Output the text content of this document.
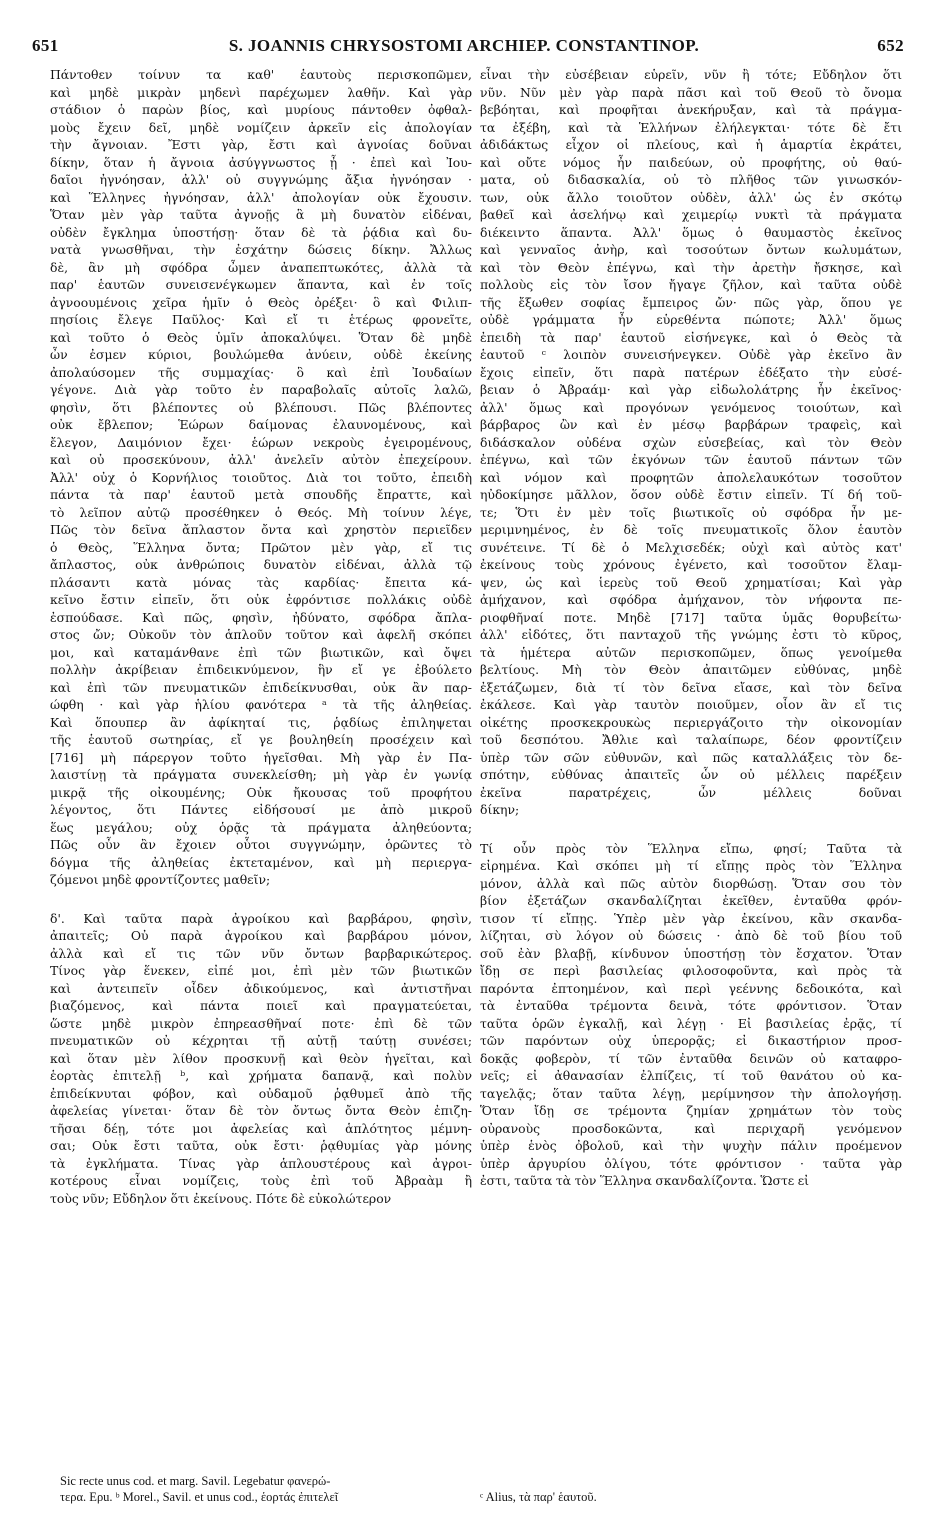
651	S. JOANNIS CHRYSOSTOMI ARCHIEP. CONSTANTINOP.	652
Πάντοθεν τοίνυν τα καθ' ἑαυτοὺς περισκοπῶμεν,
καὶ μηδὲ μικρὰν μηδενὶ παρέχωμεν λαθῆν. Καὶ γὰρ
στάδιον ὁ παρὼν βίος, καὶ μυρίους πάντοθεν ὀφθαλ-
μοὺς ἔχειν δεῖ, μηδὲ νομίζειν ἀρκεῖν εἰς ἀπολογίαν
τὴν ἄγνοιαν. Ἔστι γὰρ, ἔστι καὶ ἀγνοίας δοῦναι
δίκην, ὅταν ἡ ἄγνοια ἀσύγγνωστος ᾖ · ἐπεὶ καὶ Ἰου-
δαῖοι ἠγνόησαν, ἀλλ' οὐ συγγνώμης ἄξια ἠγνόησαν ·
καὶ Ἕλληνες ἠγνόησαν, ἀλλ' ἀπολογίαν οὐκ ἔχουσιν.
Ὅταν μὲν γὰρ ταῦτα ἀγνοῇς ἃ μὴ δυνατὸν εἰδέναι,
οὐδὲν ἔγκλημα ὑποστήσῃ· ὅταν δὲ τὰ ῥᾴδια καὶ δυ-
νατὰ γνωσθῆναι, τὴν ἐσχάτην δώσεις δίκην. Ἄλλως
δὲ, ἂν μὴ σφόδρα ὦμεν ἀναπεπτωκότες, ἀλλὰ τὰ
παρ' ἑαυτῶν συνεισενέγκωμεν ἅπαντα, καὶ ἐν τοῖς
ἀγνοουμένοις χεῖρα ἡμῖν ὁ Θεὸς ὀρέξει· ὃ καὶ Φιλιπ-
πησίοις ἔλεγε Παῦλος· Καὶ εἴ τι ἑτέρως φρονεῖτε,
καὶ τοῦτο ὁ Θεὸς ὑμῖν ἀποκαλύψει. Ὅταν δὲ μηδὲ
ὦν ἐσμεν κύριοι, βουλώμεθα ἀνύειν, οὐδὲ ἐκείνης
ἀπολαύσομεν τῆς συμμαχίας· ὃ καὶ ἐπὶ Ἰουδαίων
γέγονε. Διὰ γὰρ τοῦτο ἐν παραβολαῖς αὐτοῖς λαλῶ,
φησὶν, ὅτι βλέποντες οὐ βλέπουσι. Πῶς βλέποντες
οὐκ ἔβλεπον; Ἑώρων δαίμονας ἐλαυνομένους, καὶ
ἔλεγον, Δαιμόνιον ἔχει· ἑώρων νεκροὺς ἐγειρομένους,
καὶ οὐ προσεκύνουν, ἀλλ' ἀνελεῖν αὐτὸν ἐπεχείρουν.
Ἀλλ' οὐχ ὁ Κορνήλιος τοιοῦτος. Διὰ τοι τοῦτο, ἐπειδὴ
πάντα τὰ παρ' ἑαυτοῦ μετὰ σπουδῆς ἔπραττε, καὶ
τὸ λεῖπον αὐτῷ προσέθηκεν ὁ Θεός. Μὴ τοίνυν λέγε,
Πῶς τὸν δεῖνα ἄπλαστον ὄντα καὶ χρηστὸν περιεῖδεν
ὁ Θεὸς, Ἕλληνα ὄντα; Πρῶτον μὲν γὰρ, εἴ τις
ἄπλαστος, οὐκ ἀνθρώποις δυνατὸν εἰδέναι, ἀλλὰ τῷ
πλάσαντι κατὰ μόνας τὰς καρδίας· ἔπειτα κά-
κεῖνο ἔστιν εἰπεῖν, ὅτι οὐκ ἐφρόντισε πολλάκις οὐδὲ
ἐσπούδασε. Καὶ πῶς, φησὶν, ἠδύνατο, σφόδρα ἄπλα-
στος ὤν; Οὐκοῦν τὸν ἁπλοῦν τοῦτον καὶ ἀφελῆ σκόπει
μοι, καὶ καταμάνθανε ἐπὶ τῶν βιωτικῶν, καὶ ὄψει
πολλὴν ἀκρίβειαν ἐπιδεικνύμενον, ἣν εἴ γε ἐβούλετο
καὶ ἐπὶ τῶν πνευματικῶν ἐπιδείκνυσθαι, οὐκ ἂν παρ-
ώφθη · καὶ γὰρ ἡλίου φανότερα ᵃ τὰ τῆς ἀληθείας.
Καὶ ὅπουπερ ἂν ἀφίκηταί τις, ῥᾳδίως ἐπιληψεται
τῆς ἑαυτοῦ σωτηρίας, εἴ γε βουληθείη προσέχειν καὶ
[716] μὴ πάρεργον τοῦτο ἡγεῖσθαι. Μὴ γὰρ ἐν Πα-
λαιστίνῃ τὰ πράγματα συνεκλείσθη; μὴ γὰρ ἐν γωνίᾳ
μικρᾷ τῆς οἰκουμένης; Οὐκ ἤκουσας τοῦ προφήτου
λέγοντος, ὅτι Πάντες εἰδήσουσί με ἀπὸ μικροῦ
ἕως μεγάλου; οὐχ ὁρᾷς τὰ πράγματα ἀληθεύοντα;
Πῶς οὖν ἂν ἔχοιεν οὗτοι συγγνώμην, ὁρῶντες τὸ
δόγμα τῆς ἀληθείας ἐκτεταμένον, καὶ μὴ περιεργα-
ζόμενοι μηδὲ φροντίζοντες μαθεῖν;
δ'. Καὶ ταῦτα παρὰ ἀγροίκου καὶ βαρβάρου, φησὶν,
ἀπαιτεῖς; Οὐ παρὰ ἀγροίκου καὶ βαρβάρου μόνον,
ἀλλὰ καὶ εἴ τις τῶν νῦν ὄντων βαρβαρικώτερος.
Τίνος γὰρ ἕνεκεν, εἰπέ μοι, ἐπὶ μὲν τῶν βιωτικῶν
καὶ ἀντειπεῖν οἶδεν ἀδικούμενος, καὶ ἀντιστῆναι
βιαζόμενος, καὶ πάντα ποιεῖ καὶ πραγματεύεται,
ὥστε μηδὲ μικρὸν ἐπηρεασθῆναί ποτε· ἐπὶ δὲ τῶν
πνευματικῶν οὐ κέχρηται τῇ αὐτῇ ταύτῃ συνέσει;
καὶ ὅταν μὲν λίθον προσκυνῇ καὶ θεὸν ἡγεῖται, καὶ
ἑορτὰς ἐπιτελῇ ᵇ, καὶ χρήματα δαπανᾷ, καὶ πολὺν
ἐπιδείκνυται φόβον, καὶ οὐδαμοῦ ῥᾳθυμεῖ ἀπὸ τῆς
ἀφελείας γίνεται· ὅταν δὲ τὸν ὄντως ὄντα Θεὸν ἐπιζη-
τῆσαι δέῃ, τότε μοι ἀφελείας καὶ ἁπλότητος μέμνη-
σαι; Οὐκ ἔστι ταῦτα, οὐκ ἔστι· ῥᾳθυμίας γὰρ μόνης
τὰ ἐγκλήματα. Τίνας γὰρ ἁπλουστέρους καὶ ἀγροι-
κοτέρους εἶναι νομίζεις, τοὺς ἐπὶ τοῦ Ἀβραὰμ ἢ
τοὺς νῦν; Εὔδηλον ὅτι ἐκείνους. Πότε δὲ εὐκολώτερον
εἶναι τὴν εὐσέβειαν εὑρεῖν, νῦν ἢ τότε; Εὔδηλον ὅτι
νῦν. Νῦν μὲν γὰρ παρὰ πᾶσι καὶ τοῦ Θεοῦ τὸ ὄνομα
βεβόηται, καὶ προφῆται ἀνεκήρυξαν, καὶ τὰ πράγμα-
τα ἐξέβη, καὶ τὰ Ἑλλήνων ἐλήλεγκται· τότε δὲ ἔτι
ἀδιδάκτως εἶχον οἱ πλείους, καὶ ἡ ἁμαρτία ἐκράτει,
καὶ οὔτε νόμος ἦν παιδεύων, οὐ προφήτης, οὐ θαύ-
ματα, οὐ διδασκαλία, οὐ τὸ πλῆθος τῶν γινωσκόν-
των, οὐκ ἄλλο τοιοῦτον οὐδὲν, ἀλλ' ὡς ἐν σκότῳ
βαθεῖ καὶ ἀσελήνῳ καὶ χειμερίῳ νυκτὶ τὰ πράγματα
διέκειντο ἅπαντα. Ἀλλ' ὅμως ὁ θαυμαστὸς ἐκεῖνος
καὶ γενναῖος ἀνὴρ, καὶ τοσούτων ὄντων κωλυμάτων,
καὶ τὸν Θεὸν ἐπέγνω, καὶ τὴν ἀρετὴν ἤσκησε, καὶ
πολλοὺς εἰς τὸν ἴσον ἤγαγε ζῆλον, καὶ ταῦτα οὐδὲ
τῆς ἔξωθεν σοφίας ἔμπειρος ὤν· πῶς γὰρ, ὅπου γε
οὐδὲ γράμματα ἦν εὑρεθέντα πώποτε; Ἀλλ' ὅμως
ἐπειδὴ τὰ παρ' ἑαυτοῦ εἰσήνεγκε, καὶ ὁ Θεὸς τὰ
ἑαυτοῦ ᶜ λοιπὸν συνεισήνεγκεν. Οὐδὲ γὰρ ἐκεῖνο ἂν
ἔχοις εἰπεῖν, ὅτι παρὰ πατέρων ἐδέξατο τὴν εὐσέ-
βειαν ὁ Ἀβραάμ· καὶ γὰρ εἰδωλολάτρης ἦν ἐκεῖνος·
ἀλλ' ὅμως καὶ προγόνων γενόμενος τοιούτων, καὶ
βάρβαρος ὢν καὶ ἐν μέσῳ βαρβάρων τραφεὶς, καὶ
διδάσκαλον οὐδένα σχὼν εὐσεβείας, καὶ τὸν Θεὸν
ἐπέγνω, καὶ τῶν ἐκγόνων τῶν ἑαυτοῦ πάντων τῶν
καὶ νόμον καὶ προφητῶν ἀπολελαυκότων τοσοῦτον
ηὐδοκίμησε μᾶλλον, ὅσον οὐδὲ ἔστιν εἰπεῖν. Τί δή τοῦ-
τε; Ὅτι ἐν μὲν τοῖς βιωτικοῖς οὐ σφόδρα ἦν με-
μεριμνημένος, ἐν δὲ τοῖς πνευματικοῖς ὅλον ἑαυτὸν
συνέτεινε. Τί δὲ ὁ Μελχισεδέκ; οὐχὶ καὶ αὐτὸς κατ'
ἐκείνους τοὺς χρόνους ἐγένετο, καὶ τοσοῦτον ἔλαμ-
ψεν, ὡς καὶ ἱερεὺς τοῦ Θεοῦ χρηματίσαι; Καὶ γὰρ
ἀμήχανον, καὶ σφόδρα ἀμήχανον, τὸν νήφοντα πε-
ριοφθῆναί ποτε. Μηδὲ [717] ταῦτα ὑμᾶς θορυβείτω·
ἀλλ' εἰδότες, ὅτι πανταχοῦ τῆς γνώμης ἐστι τὸ κῦρος,
τὰ ἡμέτερα αὐτῶν περισκοπῶμεν, ὅπως γενοίμεθα
βελτίους. Μὴ τὸν Θεὸν ἀπαιτῶμεν εὐθύνας, μηδὲ
ἐξετάζωμεν, διὰ τί τὸν δεῖνα εἴασε, καὶ τὸν δεῖνα
ἐκάλεσε. Καὶ γὰρ ταυτὸν ποιοῦμεν, οἷον ἂν εἴ τις
οἰκέτης προσκεκρουκὼς περιεργάζοιτο τὴν οἰκονομίαν
τοῦ δεσπότου. Ἄθλιε καὶ ταλαίπωρε, δέον φροντίζειν
ὑπὲρ τῶν σῶν εὐθυνῶν, καὶ πῶς καταλλάξεις τὸν δε-
σπότην, εὐθύνας ἀπαιτεῖς ὧν οὐ μέλλεις παρέξειν
ἐκεῖνα παρατρέχεις, ὧν μέλλεις δοῦναι
δίκην;
Τί οὖν πρὸς τὸν Ἕλληνα εἴπω, φησί; Ταῦτα τὰ
εἰρημένα. Καὶ σκόπει μὴ τί εἴπῃς πρὸς τὸν Ἕλληνα
μόνον, ἀλλὰ καὶ πῶς αὐτὸν διορθώσῃ. Ὅταν σου τὸν
βίον ἐξετάζων σκανδαλίζηται ἐκεῖθεν, ἐνταῦθα φρόν-
τισον τί εἴπῃς. Ὑπὲρ μὲν γὰρ ἐκείνου, κἂν σκανδα-
λίζηται, σὺ λόγον οὐ δώσεις · ἀπὸ δὲ τοῦ βίου τοῦ
σοῦ ἐὰν βλαβῇ, κίνδυνον ὑποστήσῃ τὸν ἔσχατον. Ὅταν
ἴδῃ σε περὶ βασιλείας φιλοσοφοῦντα, καὶ πρὸς τὰ
παρόντα ἐπτοημένον, καὶ περὶ γεέννης δεδοικότα, καὶ
τὰ ἐνταῦθα τρέμοντα δεινὰ, τότε φρόντισον. Ὅταν
ταῦτα ὁρῶν ἐγκαλῇ, καὶ λέγῃ · Εἰ βασιλείας ἐρᾷς, τί
τῶν παρόντων οὐχ ὑπερορᾷς; εἰ δικαστήριον προσ-
δοκᾷς φοβερὸν, τί τῶν ἐνταῦθα δεινῶν οὐ καταφρο-
νεῖς; εἰ ἀθανασίαν ἐλπίζεις, τί τοῦ θανάτου οὐ κα-
ταγελᾷς; ὅταν ταῦτα λέγῃ, μερίμνησον τὴν ἀπολογήσῃ.
Ὅταν ἴδῃ σε τρέμοντα ζημίαν χρημάτων τὸν τοὺς
οὐρανοὺς προσδοκῶντα, καὶ περιχαρῆ γενόμενον
ὑπὲρ ἑνὸς ὀβολοῦ, καὶ τὴν ψυχὴν πάλιν προέμενον
ὑπὲρ ἀργυρίου ὀλίγου, τότε φρόντισον · ταῦτα γὰρ
ἐστι, ταῦτα τὰ τὸν Ἕλληνα σκανδαλίζοντα. Ὥστε εἰ
Sic recte unus cod. et marg. Savil. Legebatur φανερώ-
τερα. Ερu. ᵇ Morel., Savil. et unus cod., ἑορτάς ἐπιτελεῖ	ᶜ Alius, τὰ παρ' ἑαυτοῦ.
